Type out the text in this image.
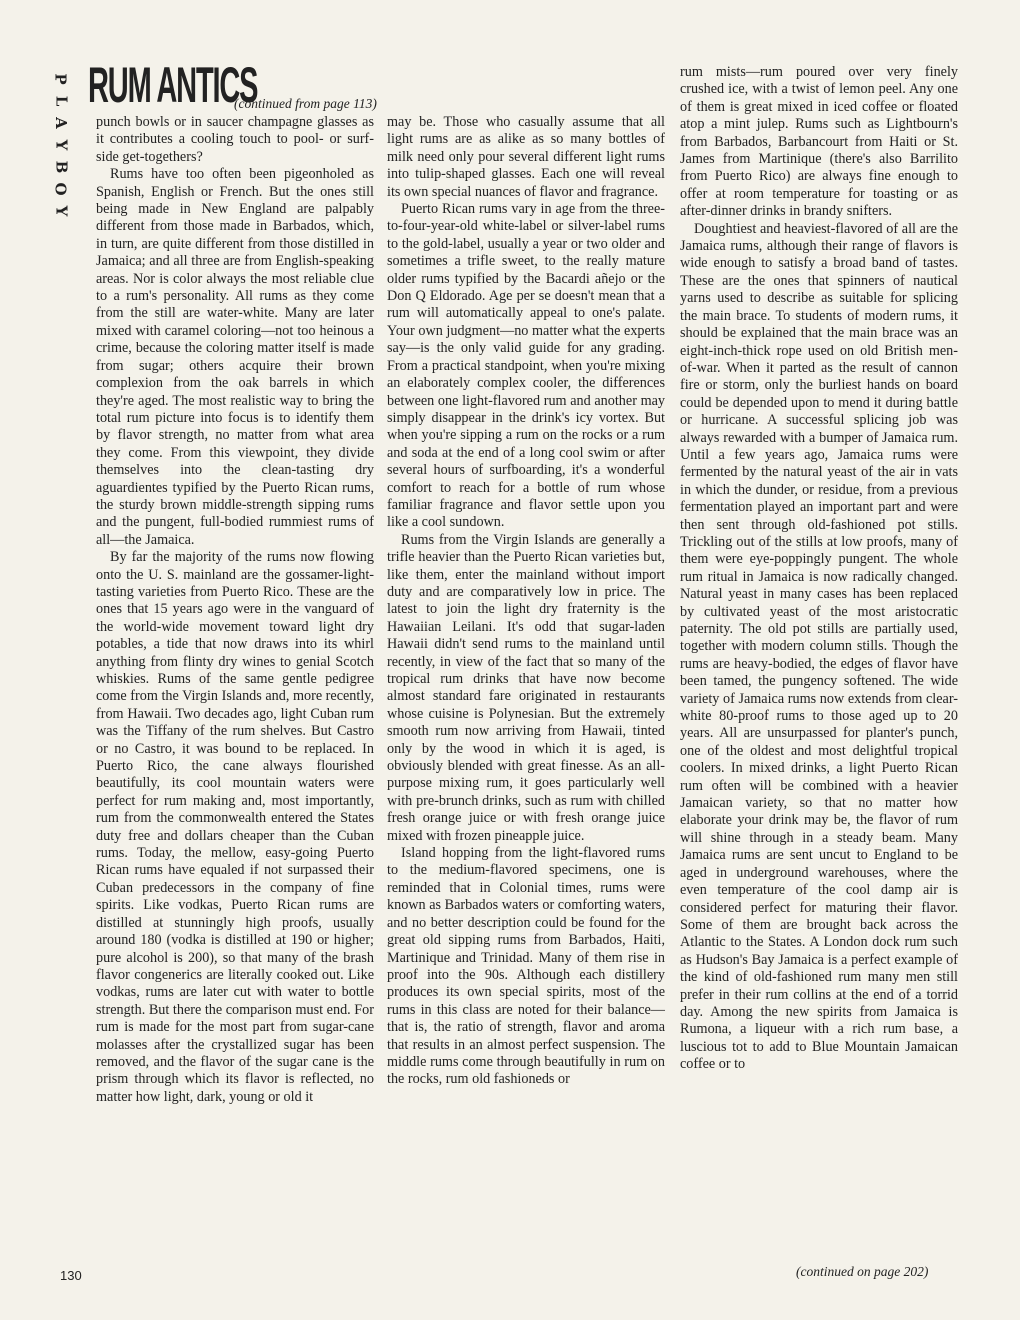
P
L
A
Y
B
O
Y
RUM ANTICS
(continued from page 113)

punch bowls or in saucer champagne glasses as it contributes a cooling touch to pool- or surf-side get-togethers?

Rums have too often been pigeonholed as Spanish, English or French. But the ones still being made in New England are palpably different from those made in Barbados, which, in turn, are quite different from those distilled in Jamaica; and all three are from English-speaking areas. Nor is color always the most reliable clue to a rum's personality. All rums as they come from the still are water-white. Many are later mixed with caramel coloring—not too heinous a crime, because the coloring matter itself is made from sugar; others acquire their brown complexion from the oak barrels in which they're aged. The most realistic way to bring the total rum picture into focus is to identify them by flavor strength, no matter from what area they come. From this viewpoint, they divide themselves into the clean-tasting dry aguardientes typified by the Puerto Rican rums, the sturdy brown middle-strength sipping rums and the pungent, full-bodied rummiest rums of all—the Jamaica.

By far the majority of the rums now flowing onto the U. S. mainland are the gossamer-light-tasting varieties from Puerto Rico. These are the ones that 15 years ago were in the vanguard of the world-wide movement toward light dry potables, a tide that now draws into its whirl anything from flinty dry wines to genial Scotch whiskies. Rums of the same gentle pedigree come from the Virgin Islands and, more recently, from Hawaii. Two decades ago, light Cuban rum was the Tiffany of the rum shelves. But Castro or no Castro, it was bound to be replaced. In Puerto Rico, the cane always flourished beautifully, its cool mountain waters were perfect for rum making and, most importantly, rum from the commonwealth entered the States duty free and dollars cheaper than the Cuban rums. Today, the mellow, easy-going Puerto Rican rums have equaled if not surpassed their Cuban predecessors in the company of fine spirits. Like vodkas, Puerto Rican rums are distilled at stunningly high proofs, usually around 180 (vodka is distilled at 190 or higher; pure alcohol is 200), so that many of the brash flavor congenerics are literally cooked out. Like vodkas, rums are later cut with water to bottle strength. But there the comparison must end. For rum is made for the most part from sugar-cane molasses after the crystallized sugar has been removed, and the flavor of the sugar cane is the prism through which its flavor is reflected, no matter how light, dark, young or old it

may be. Those who casually assume that all light rums are as alike as so many bottles of milk need only pour several different light rums into tulip-shaped glasses. Each one will reveal its own special nuances of flavor and fragrance.

Puerto Rican rums vary in age from the three-to-four-year-old white-label or silver-label rums to the gold-label, usually a year or two older and sometimes a trifle sweet, to the really mature older rums typified by the Bacardi añejo or the Don Q Eldorado. Age per se doesn't mean that a rum will automatically appeal to one's palate. Your own judgment—no matter what the experts say—is the only valid guide for any grading. From a practical standpoint, when you're mixing an elaborately complex cooler, the differences between one light-flavored rum and another may simply disappear in the drink's icy vortex. But when you're sipping a rum on the rocks or a rum and soda at the end of a long cool swim or after several hours of surfboarding, it's a wonderful comfort to reach for a bottle of rum whose familiar fragrance and flavor settle upon you like a cool sundown.

Rums from the Virgin Islands are generally a trifle heavier than the Puerto Rican varieties but, like them, enter the mainland without import duty and are comparatively low in price. The latest to join the light dry fraternity is the Hawaiian Leilani. It's odd that sugar-laden Hawaii didn't send rums to the mainland until recently, in view of the fact that so many of the tropical rum drinks that have now become almost standard fare originated in restaurants whose cuisine is Polynesian. But the extremely smooth rum now arriving from Hawaii, tinted only by the wood in which it is aged, is obviously blended with great finesse. As an all-purpose mixing rum, it goes particularly well with pre-brunch drinks, such as rum with chilled fresh orange juice or with fresh orange juice mixed with frozen pineapple juice.

Island hopping from the light-flavored rums to the medium-flavored specimens, one is reminded that in Colonial times, rums were known as Barbados waters or comforting waters, and no better description could be found for the great old sipping rums from Barbados, Haiti, Martinique and Trinidad. Many of them rise in proof into the 90s. Although each distillery produces its own special spirits, most of the rums in this class are noted for their balance—that is, the ratio of strength, flavor and aroma that results in an almost perfect suspension. The middle rums come through beautifully in rum on the rocks, rum old fashioneds or

rum mists—rum poured over very finely crushed ice, with a twist of lemon peel. Any one of them is great mixed in iced coffee or floated atop a mint julep. Rums such as Lightbourn's from Barbados, Barbancourt from Haiti or St. James from Martinique (there's also Barrilito from Puerto Rico) are always fine enough to offer at room temperature for toasting or as after-dinner drinks in brandy snifters.

Doughtiest and heaviest-flavored of all are the Jamaica rums, although their range of flavors is wide enough to satisfy a broad band of tastes. These are the ones that spinners of nautical yarns used to describe as suitable for splicing the main brace. To students of modern rums, it should be explained that the main brace was an eight-inch-thick rope used on old British men-of-war. When it parted as the result of cannon fire or storm, only the burliest hands on board could be depended upon to mend it during battle or hurricane. A successful splicing job was always rewarded with a bumper of Jamaica rum. Until a few years ago, Jamaica rums were fermented by the natural yeast of the air in vats in which the dunder, or residue, from a previous fermentation played an important part and were then sent through old-fashioned pot stills. Trickling out of the stills at low proofs, many of them were eye-poppingly pungent. The whole rum ritual in Jamaica is now radically changed. Natural yeast in many cases has been replaced by cultivated yeast of the most aristocratic paternity. The old pot stills are partially used, together with modern column stills. Though the rums are heavy-bodied, the edges of flavor have been tamed, the pungency softened. The wide variety of Jamaica rums now extends from clear-white 80-proof rums to those aged up to 20 years. All are unsurpassed for planter's punch, one of the oldest and most delightful tropical coolers. In mixed drinks, a light Puerto Rican rum often will be combined with a heavier Jamaican variety, so that no matter how elaborate your drink may be, the flavor of rum will shine through in a steady beam. Many Jamaica rums are sent uncut to England to be aged in underground warehouses, where the even temperature of the cool damp air is considered perfect for maturing their flavor. Some of them are brought back across the Atlantic to the States. A London dock rum such as Hudson's Bay Jamaica is a perfect example of the kind of old-fashioned rum many men still prefer in their rum collins at the end of a torrid day. Among the new spirits from Jamaica is Rumona, a liqueur with a rich rum base, a luscious tot to add to Blue Mountain Jamaican coffee or to

130	(continued on page 202)
